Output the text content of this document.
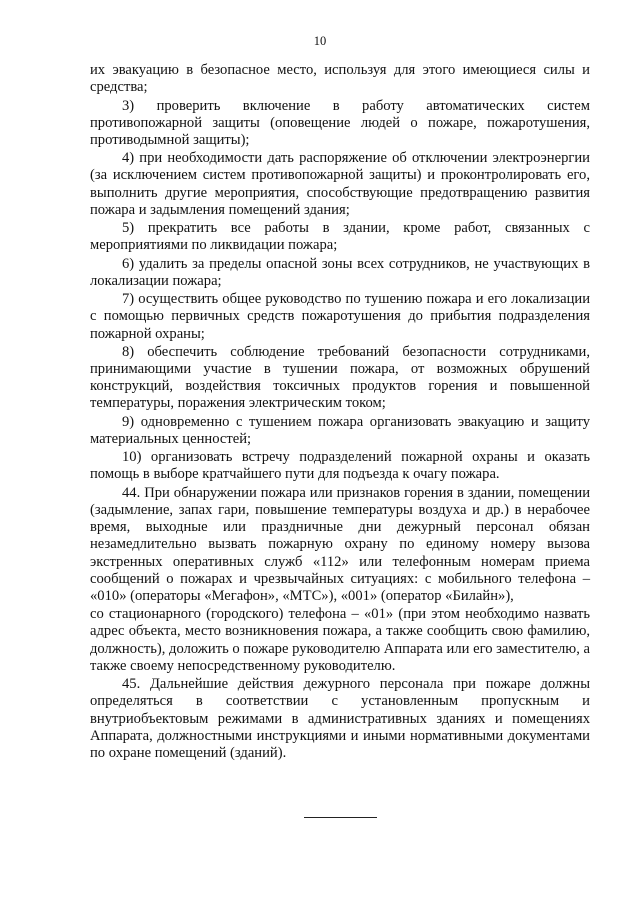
10

их эвакуацию в безопасное место, используя для этого имеющиеся силы и средства;

3) проверить включение в работу автоматических систем противопожарной защиты (оповещение людей о пожаре, пожаротушения, противодымной защиты);

4) при необходимости дать распоряжение об отключении электроэнергии (за исключением систем противопожарной защиты) и проконтролировать его, выполнить другие мероприятия, способствующие предотвращению развития пожара и задымления помещений здания;

5) прекратить все работы в здании, кроме работ, связанных с мероприятиями по ликвидации пожара;

6) удалить за пределы опасной зоны всех сотрудников, не участвующих в локализации пожара;

7) осуществить общее руководство по тушению пожара и его локализации с помощью первичных средств пожаротушения до прибытия подразделения пожарной охраны;

8) обеспечить соблюдение требований безопасности сотрудниками, принимающими участие в тушении пожара, от возможных обрушений конструкций, воздействия токсичных продуктов горения и повышенной температуры, поражения электрическим током;

9) одновременно с тушением пожара организовать эвакуацию и защиту материальных ценностей;

10) организовать встречу подразделений пожарной охраны и оказать помощь в выборе кратчайшего пути для подъезда к очагу пожара.

44. При обнаружении пожара или признаков горения в здании, помещении (задымление, запах гари, повышение температуры воздуха и др.) в нерабочее время, выходные или праздничные дни дежурный персонал обязан незамедлительно вызвать пожарную охрану по единому номеру вызова экстренных оперативных служб «112» или телефонным номерам приема сообщений о пожарах и чрезвычайных ситуациях: с мобильного телефона – «010» (операторы «Мегафон», «МТС»), «001» (оператор «Билайн»),

со стационарного (городского) телефона – «01» (при этом необходимо назвать адрес объекта, место возникновения пожара, а также сообщить свою фамилию, должность), доложить о пожаре руководителю Аппарата или его заместителю, а также своему непосредственному руководителю.

45. Дальнейшие действия дежурного персонала при пожаре должны определяться в соответствии с установленным пропускным и внутриобъектовым режимами в административных зданиях и помещениях Аппарата, должностными инструкциями и иными нормативными документами по охране помещений (зданий).
